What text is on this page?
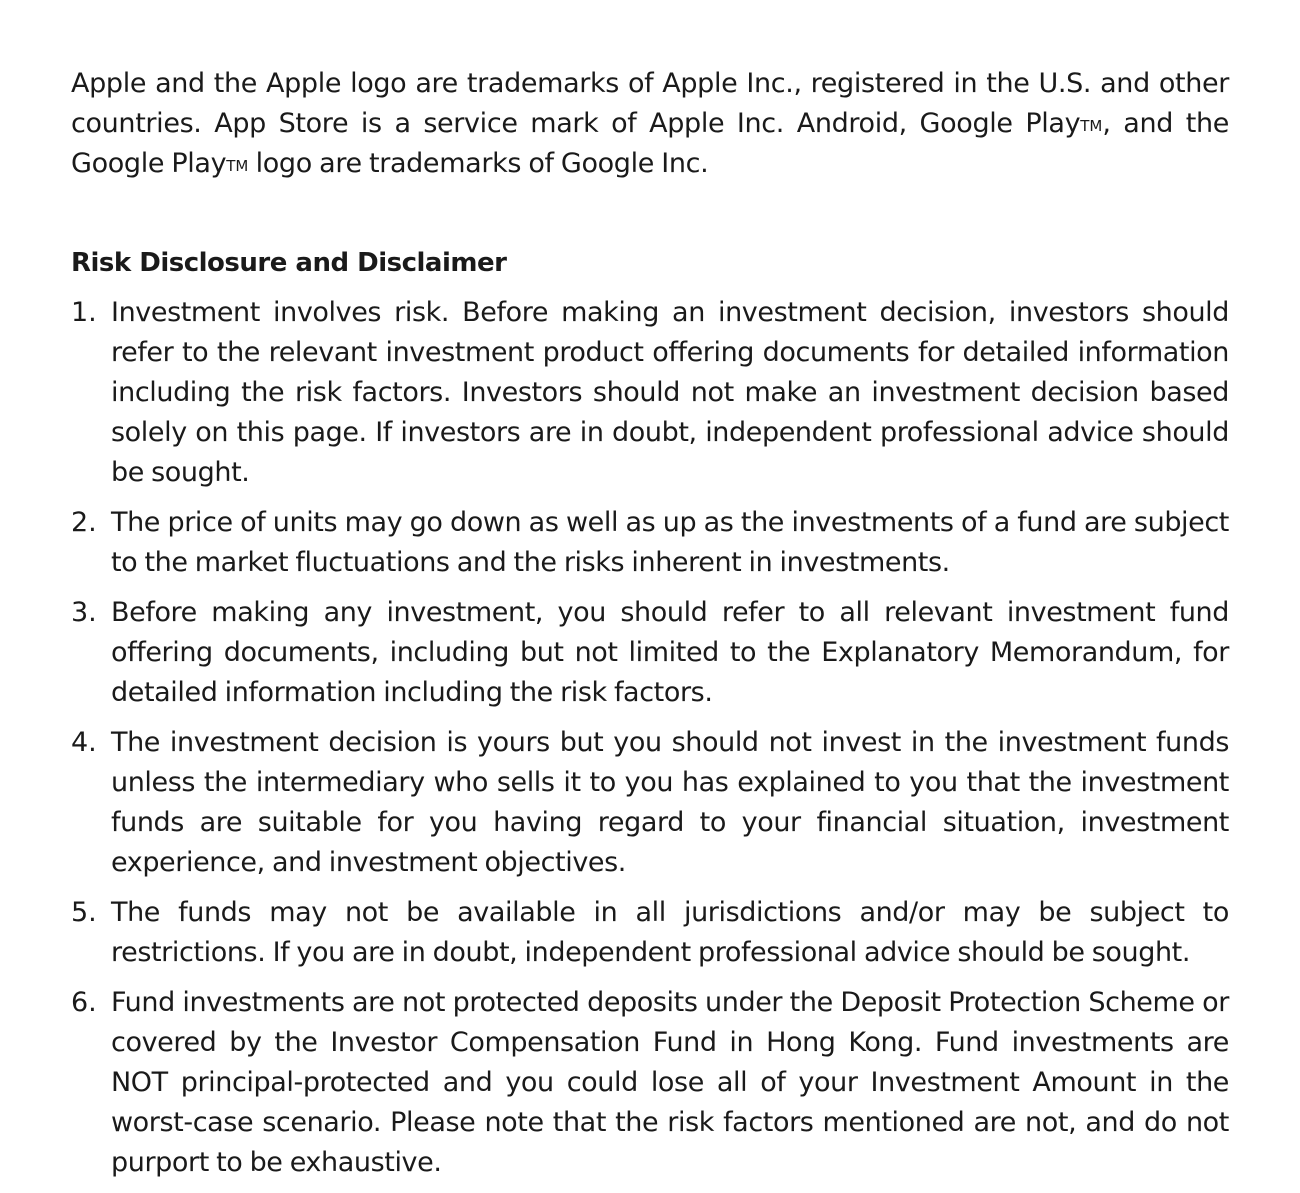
Apple and the Apple logo are trademarks of Apple Inc., registered in the U.S. and other countries. App Store is a service mark of Apple Inc. Android, Google Play™, and the Google Play™ logo are trademarks of Google Inc.

Risk Disclosure and Disclaimer
1. Investment involves risk. Before making an investment decision, investors should refer to the relevant investment product offering documents for detailed information including the risk factors. Investors should not make an investment decision based solely on this page. If investors are in doubt, independent professional advice should be sought.
2. The price of units may go down as well as up as the investments of a fund are subject to the market fluctuations and the risks inherent in investments.
3. Before making any investment, you should refer to all relevant investment fund offering documents, including but not limited to the Explanatory Memorandum, for detailed information including the risk factors.
4. The investment decision is yours but you should not invest in the investment funds unless the intermediary who sells it to you has explained to you that the investment funds are suitable for you having regard to your financial situation, investment experience, and investment objectives.
5. The funds may not be available in all jurisdictions and/or may be subject to restrictions. If you are in doubt, independent professional advice should be sought.
6. Fund investments are not protected deposits under the Deposit Protection Scheme or covered by the Investor Compensation Fund in Hong Kong. Fund investments are NOT principal-protected and you could lose all of your Investment Amount in the worst-case scenario. Please note that the risk factors mentioned are not, and do not purport to be exhaustive.
